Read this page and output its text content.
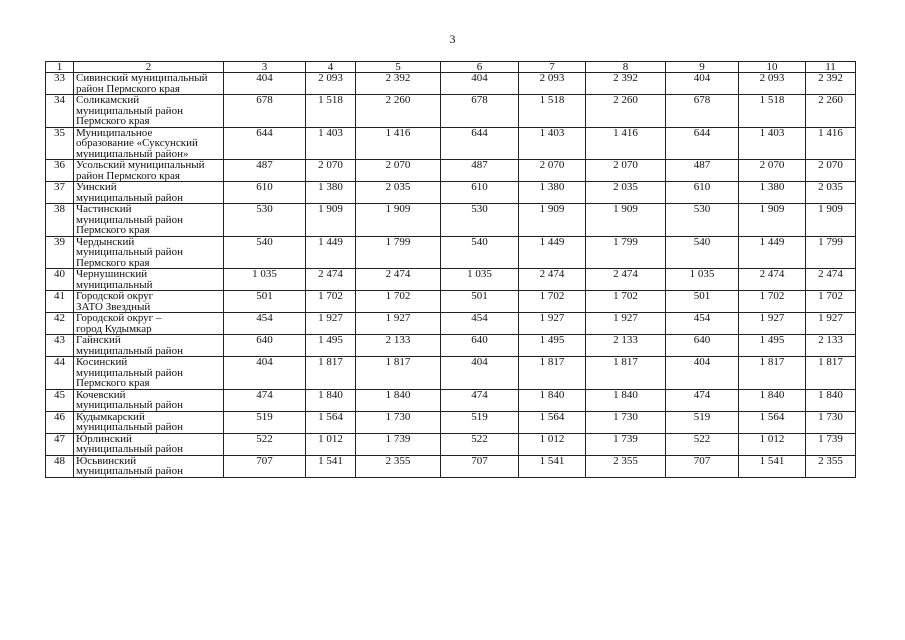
3
1	2	3	4	5	6	7	8	9	10	11
33	Сивинский муниципальный
район Пермского края	404	2 093	2 392	404	2 093	2 392	404	2 093	2 392
34	Соликамский
муниципальный район
Пермского края	678	1 518	2 260	678	1 518	2 260	678	1 518	2 260
35	Муниципальное
образование «Суксунский
муниципальный район»	644	1 403	1 416	644	1 403	1 416	644	1 403	1 416
36	Усольский муниципальный
район Пермского края	487	2 070	2 070	487	2 070	2 070	487	2 070	2 070
37	Уинский
муниципальный район	610	1 380	2 035	610	1 380	2 035	610	1 380	2 035
38	Частинский
муниципальный район
Пермского края	530	1 909	1 909	530	1 909	1 909	530	1 909	1 909
39	Чердынский
муниципальный район
Пермского края	540	1 449	1 799	540	1 449	1 799	540	1 449	1 799
40	Чернушинский
муниципальный	1 035	2 474	2 474	1 035	2 474	2 474	1 035	2 474	2 474
41	Городской округ
ЗАТО Звездный	501	1 702	1 702	501	1 702	1 702	501	1 702	1 702
42	Городской округ –
город Кудымкар	454	1 927	1 927	454	1 927	1 927	454	1 927	1 927
43	Гайнский
муниципальный район	640	1 495	2 133	640	1 495	2 133	640	1 495	2 133
44	Косинский
муниципальный район
Пермского края	404	1 817	1 817	404	1 817	1 817	404	1 817	1 817
45	Кочевский
муниципальный район	474	1 840	1 840	474	1 840	1 840	474	1 840	1 840
46	Кудымкарский
муниципальный район	519	1 564	1 730	519	1 564	1 730	519	1 564	1 730
47	Юрлинский
муниципальный район	522	1 012	1 739	522	1 012	1 739	522	1 012	1 739
48	Юсьвинский
муниципальный район	707	1 541	2 355	707	1 541	2 355	707	1 541	2 355
